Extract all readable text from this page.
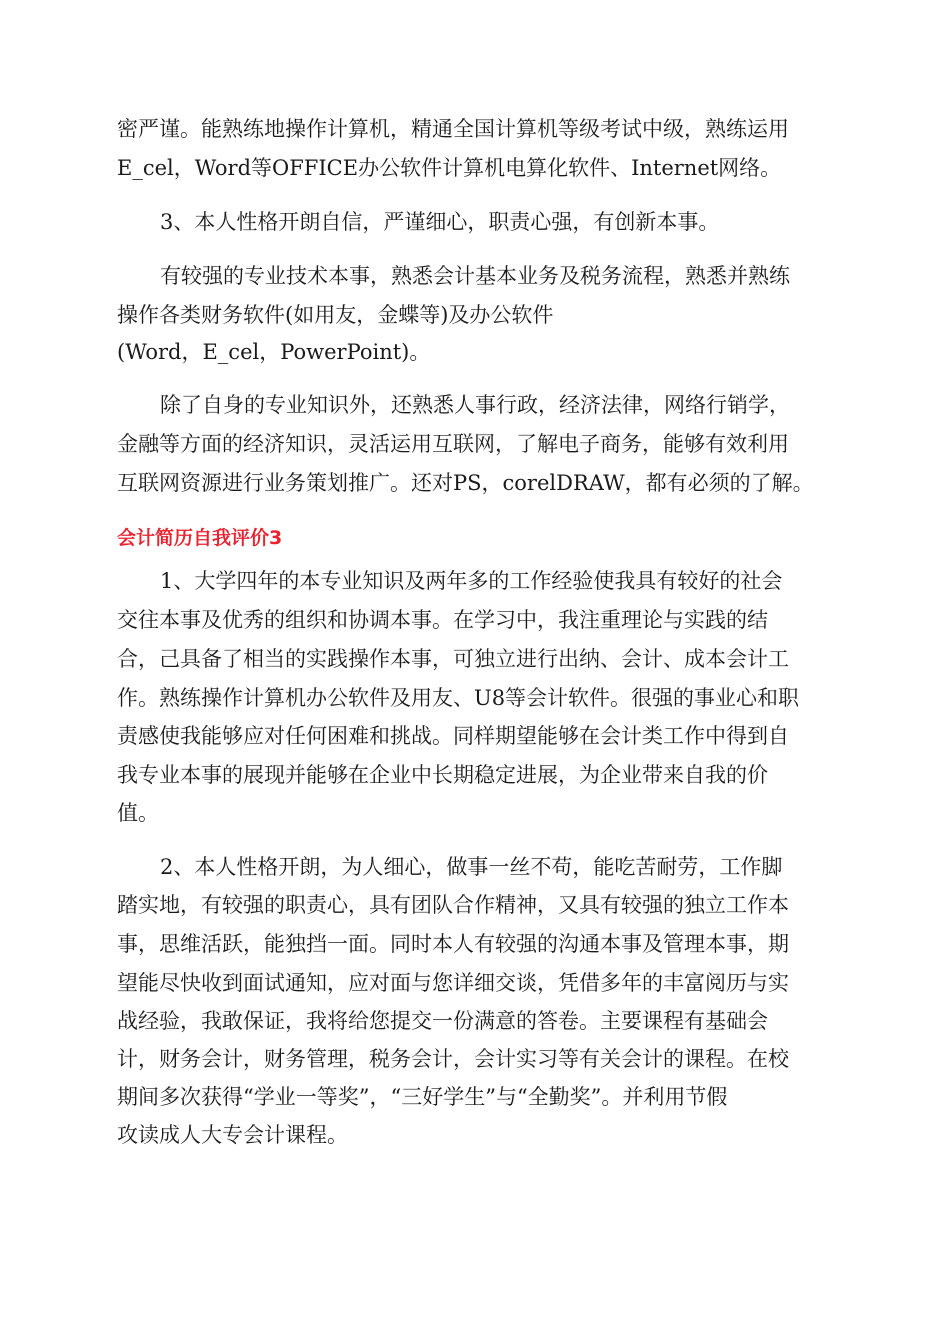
密严谨。能熟练地操作计算机，精通全国计算机等级考试中级，熟练运用
E_cel，Word等OFFICE办公软件计算机电算化软件、Internet网络。
3、本人性格开朗自信，严谨细心，职责心强，有创新本事。
有较强的专业技术本事，熟悉会计基本业务及税务流程，熟悉并熟练
操作各类财务软件(如用友，金蝶等)及办公软件
(Word，E_cel，PowerPoint)。
除了自身的专业知识外，还熟悉人事行政，经济法律，网络行销学，
金融等方面的经济知识，灵活运用互联网，了解电子商务，能够有效利用
互联网资源进行业务策划推广。还对PS，corelDRAW，都有必须的了解。
会计简历自我评价3
1、大学四年的本专业知识及两年多的工作经验使我具有较好的社会
交往本事及优秀的组织和协调本事。在学习中，我注重理论与实践的结
合，己具备了相当的实践操作本事，可独立进行出纳、会计、成本会计工
作。熟练操作计算机办公软件及用友、U8等会计软件。很强的事业心和职
责感使我能够应对任何困难和挑战。同样期望能够在会计类工作中得到自
我专业本事的展现并能够在企业中长期稳定进展，为企业带来自我的价
值。
2、本人性格开朗，为人细心，做事一丝不苟，能吃苦耐劳，工作脚
踏实地，有较强的职责心，具有团队合作精神，又具有较强的独立工作本
事，思维活跃，能独挡一面。同时本人有较强的沟通本事及管理本事，期
望能尽快收到面试通知，应对面与您详细交谈，凭借多年的丰富阅历与实
战经验，我敢保证，我将给您提交一份满意的答卷。主要课程有基础会
计，财务会计，财务管理，税务会计，会计实习等有关会计的课程。在校
期间多次获得“学业一等奖”，“三好学生”与“全勤奖”。并利用节假
攻读成人大专会计课程。
